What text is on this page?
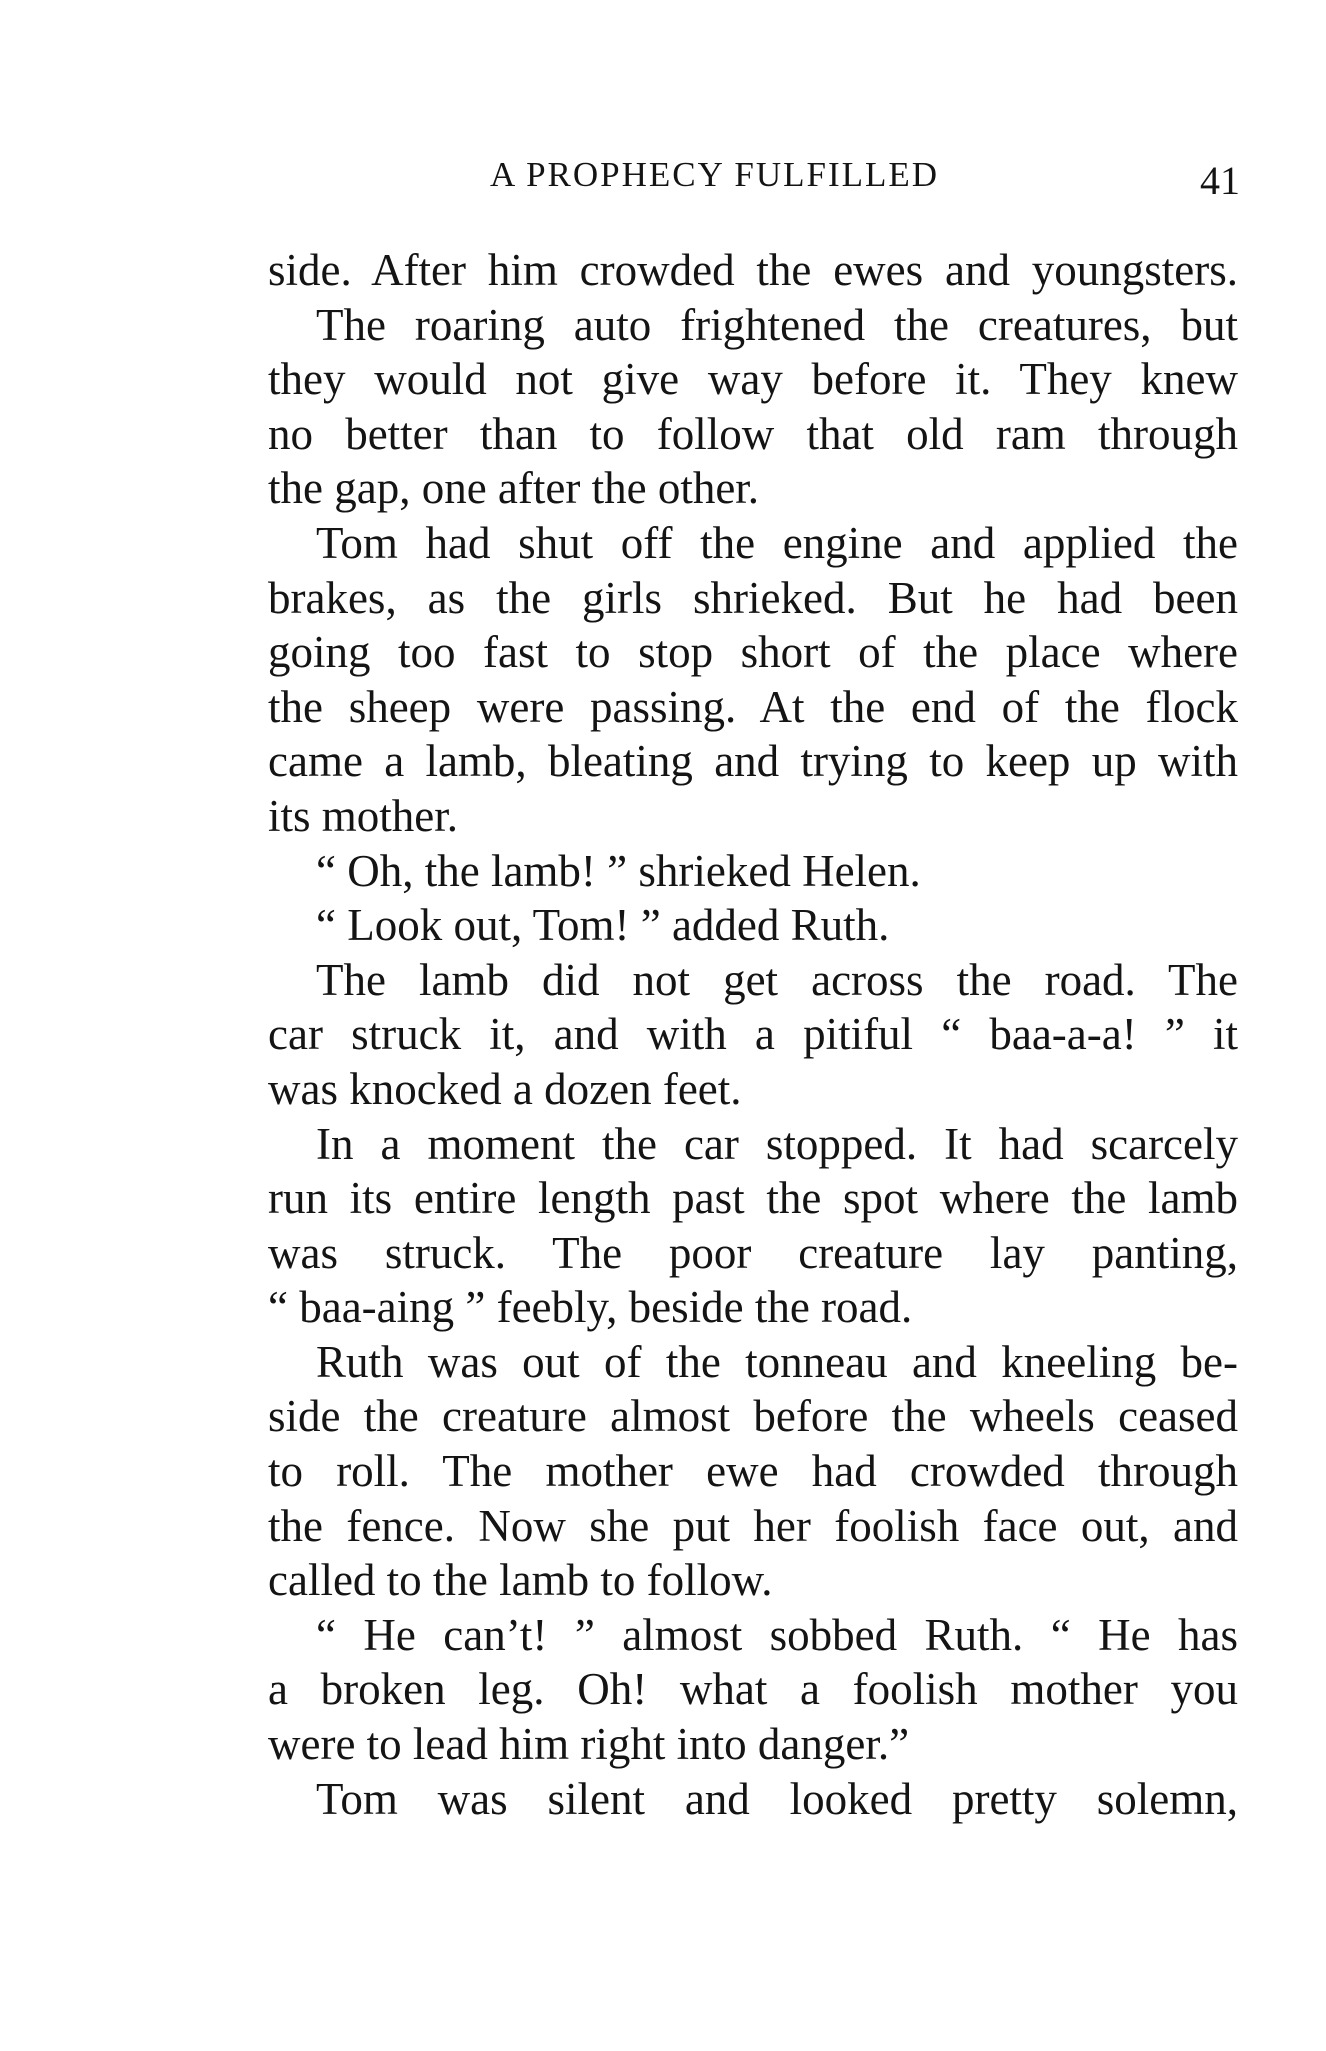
A PROPHECY FULFILLED	41
side. After him crowded the ewes and youngsters.
The roaring auto frightened the creatures, but
they would not give way before it. They knew
no better than to follow that old ram through
the gap, one after the other.
Tom had shut off the engine and applied the
brakes, as the girls shrieked. But he had been
going too fast to stop short of the place where
the sheep were passing. At the end of the flock
came a lamb, bleating and trying to keep up with
its mother.
“ Oh, the lamb! ” shrieked Helen.
“ Look out, Tom! ” added Ruth.
The lamb did not get across the road. The
car struck it, and with a pitiful “ baa-a-a! ” it
was knocked a dozen feet.
In a moment the car stopped. It had scarcely
run its entire length past the spot where the lamb
was struck. The poor creature lay panting,
“ baa-aing ” feebly, beside the road.
Ruth was out of the tonneau and kneeling be-
side the creature almost before the wheels ceased
to roll. The mother ewe had crowded through
the fence. Now she put her foolish face out, and
called to the lamb to follow.
“ He can’t! ” almost sobbed Ruth. “ He has
a broken leg. Oh! what a foolish mother you
were to lead him right into danger.”
Tom was silent and looked pretty solemn,
